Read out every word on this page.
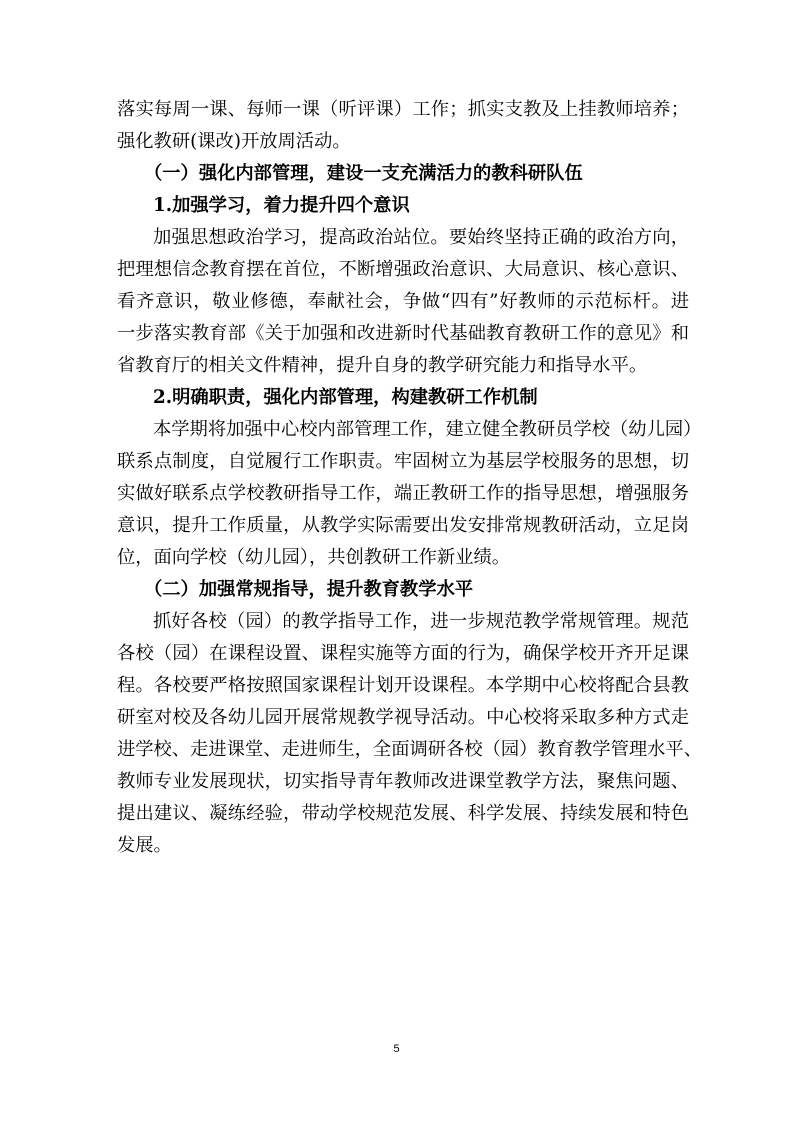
落实每周一课、每师一课（听评课）工作；抓实支教及上挂教师培养；
强化教研(课改)开放周活动。
（一）强化内部管理，建设一支充满活力的教科研队伍
1.加强学习，着力提升四个意识
加强思想政治学习，提高政治站位。要始终坚持正确的政治方向，
把理想信念教育摆在首位，不断增强政治意识、大局意识、核心意识、
看齐意识，敬业修德，奉献社会，争做“四有”好教师的示范标杆。进
一步落实教育部《关于加强和改进新时代基础教育教研工作的意见》和
省教育厅的相关文件精神，提升自身的教学研究能力和指导水平。
2.明确职责，强化内部管理，构建教研工作机制
本学期将加强中心校内部管理工作，建立健全教研员学校（幼儿园）
联系点制度，自觉履行工作职责。牢固树立为基层学校服务的思想，切
实做好联系点学校教研指导工作，端正教研工作的指导思想，增强服务
意识，提升工作质量，从教学实际需要出发安排常规教研活动，立足岗
位，面向学校（幼儿园），共创教研工作新业绩。
（二）加强常规指导，提升教育教学水平
抓好各校（园）的教学指导工作，进一步规范教学常规管理。规范
各校（园）在课程设置、课程实施等方面的行为，确保学校开齐开足课
程。各校要严格按照国家课程计划开设课程。本学期中心校将配合县教
研室对校及各幼儿园开展常规教学视导活动。中心校将采取多种方式走
进学校、走进课堂、走进师生，全面调研各校（园）教育教学管理水平、
教师专业发展现状，切实指导青年教师改进课堂教学方法，聚焦问题、
提出建议、凝练经验，带动学校规范发展、科学发展、持续发展和特色
发展。
5
